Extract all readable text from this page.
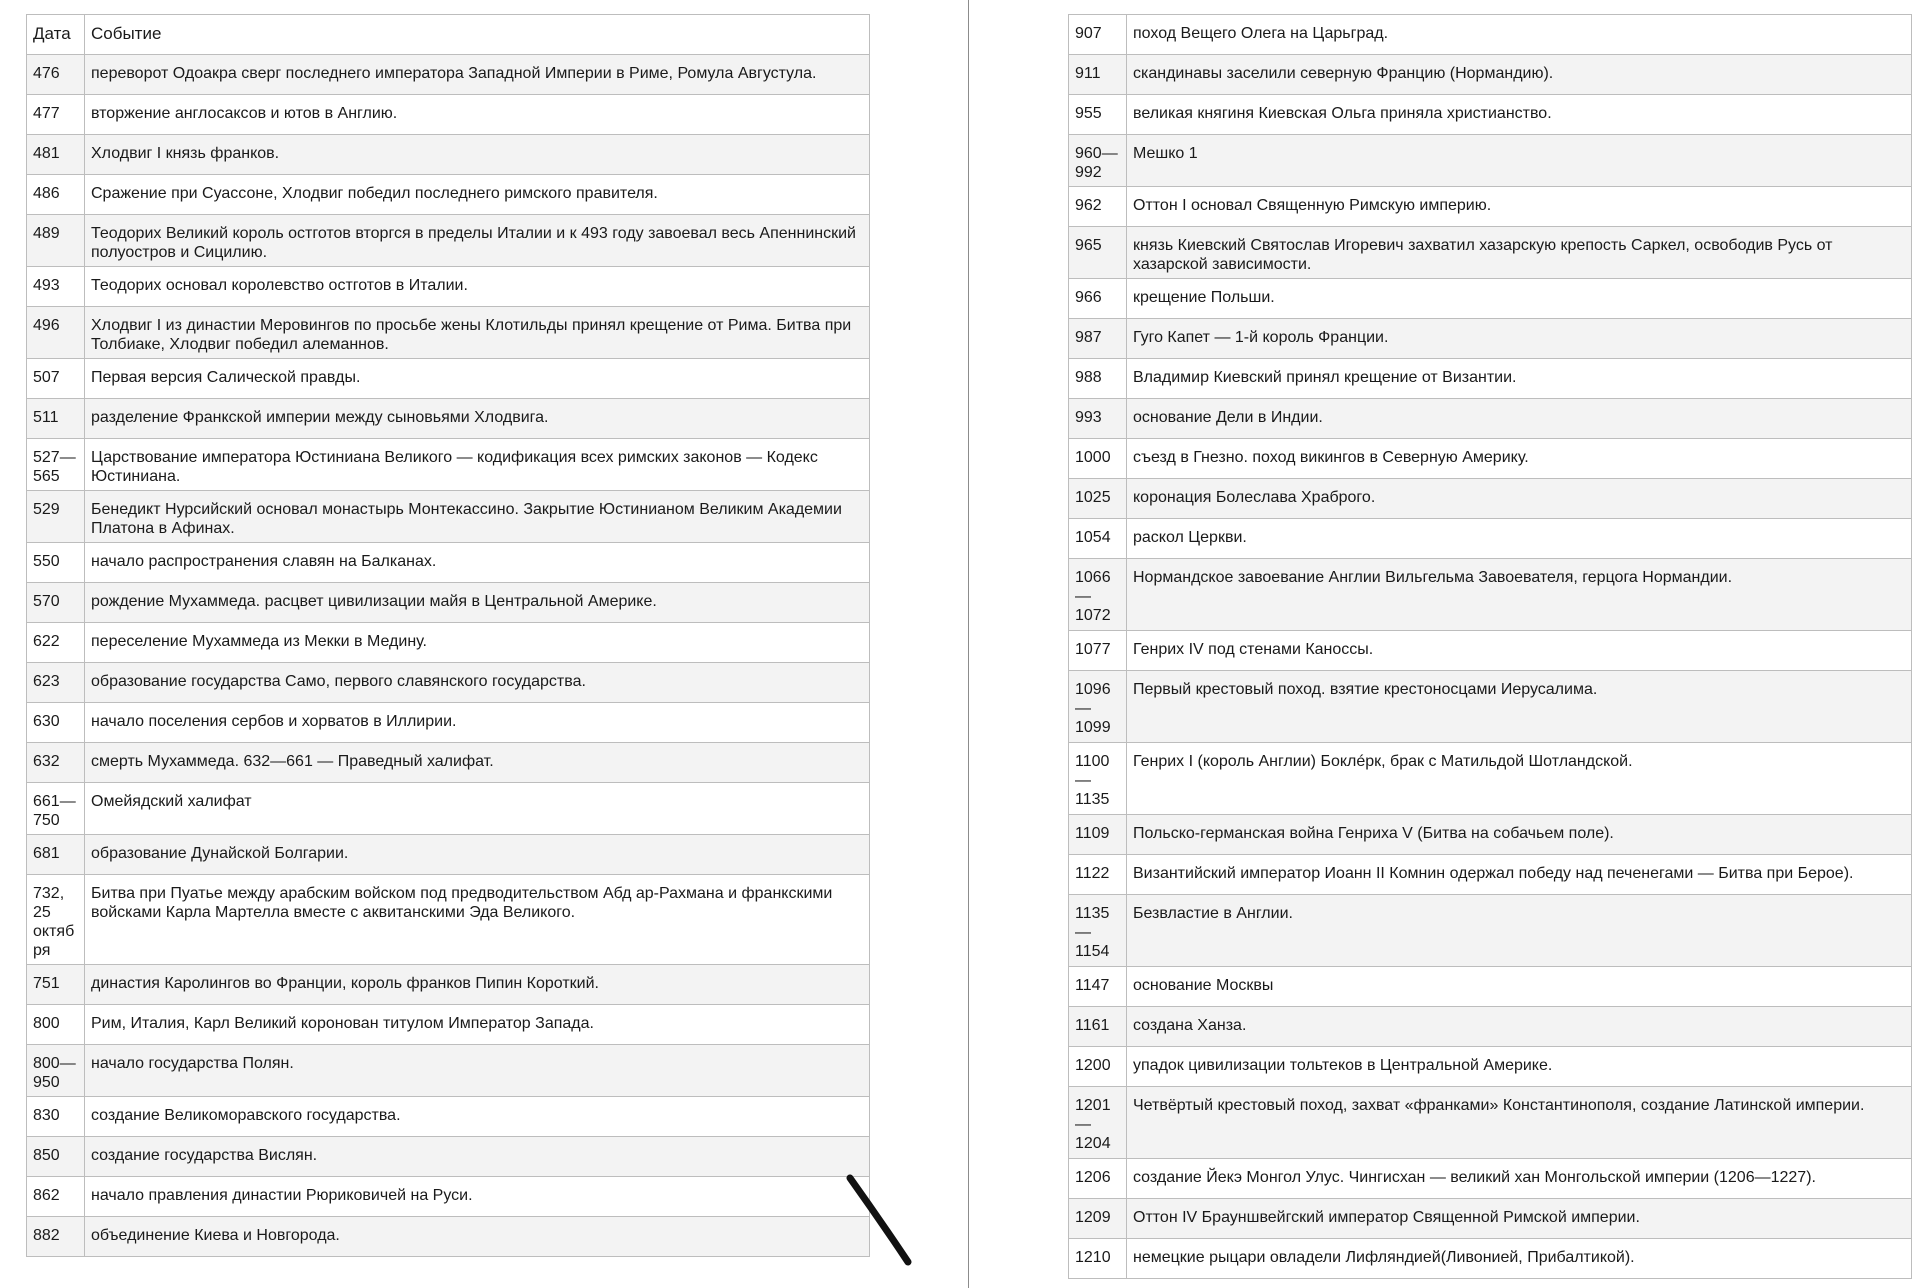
Дата	Событие
476	переворот Одоакра сверг последнего императора Западной Империи в Риме, Ромула Августула.
477	вторжение англосаксов и ютов в Англию.
481	Хлодвиг I князь франков.
486	Сражение при Суассоне, Хлодвиг победил последнего римского правителя.
489	Теодорих Великий король остготов вторгся в пределы Италии и к 493 году завоевал весь Апеннинский полуостров и Сицилию.
493	Теодорих основал королевство остготов в Италии.
496	Хлодвиг I из династии Меровингов по просьбе жены Клотильды принял крещение от Рима. Битва при Толбиаке, Хлодвиг победил алеманнов.
507	Первая версия Салической правды.
511	разделение Франкской империи между сыновьями Хлодвига.
527—565	Царствование императора Юстиниана Великого — кодификация всех римских законов — Кодекс Юстиниана.
529	Бенедикт Нурсийский основал монастырь Монтекассино. Закрытие Юстинианом Великим Академии Платона в Афинах.
550	начало распространения славян на Балканах.
570	рождение Мухаммеда. расцвет цивилизации майя в Центральной Америке.
622	переселение Мухаммеда из Мекки в Медину.
623	образование государства Само, первого славянского государства.
630	начало поселения сербов и хорватов в Иллирии.
632	смерть Мухаммеда. 632—661 — Праведный халифат.
661—750	Омейядский халифат
681	образование Дунайской Болгарии.
732, 25 октября	Битва при Пуатье между арабским войском под предводительством Абд ар-Рахмана и франкскими войсками Карла Мартелла вместе с аквитанскими Эда Великого.
751	династия Каролингов во Франции, король франков Пипин Короткий.
800	Рим, Италия, Карл Великий коронован титулом Император Запада.
800—950	начало государства Полян.
830	создание Великоморавского государства.
850	создание государства Вислян.
862	начало правления династии Рюриковичей на Руси.
882	объединение Киева и Новгорода.
907	поход Вещего Олега на Царьград.
911	скандинавы заселили северную Францию (Нормандию).
955	великая княгиня Киевская Ольга приняла христианство.
960—992	Мешко 1
962	Оттон I основал Священную Римскую империю.
965	князь Киевский Святослав Игоревич захватил хазарскую крепость Саркел, освободив Русь от хазарской зависимости.
966	крещение Польши.
987	Гуго Капет — 1-й король Франции.
988	Владимир Киевский принял крещение от Византии.
993	основание Дели в Индии.
1000	съезд в Гнезно. поход викингов в Северную Америку.
1025	коронация Болеслава Храброго.
1054	раскол Церкви.
1066 — 1072	Нормандское завоевание Англии Вильгельма Завоевателя, герцога Нормандии.
1077	Генрих IV под стенами Каноссы.
1096 — 1099	Первый крестовый поход. взятие крестоносцами Иерусалима.
1100 — 1135	Генрих I (король Англии) Боклéрк, брак с Матильдой Шотландской.
1109	Польско-германская война Генриха V (Битва на собачьем поле).
1122	Византийский император Иоанн II Комнин одержал победу над печенегами — Битва при Берое).
1135 — 1154	Безвластие в Англии.
1147	основание Москвы
1161	создана Ханза.
1200	упадок цивилизации тольтеков в Центральной Америке.
1201 — 1204	Четвёртый крестовый поход, захват «франками» Константинополя, создание Латинской империи.
1206	создание Йекэ Монгол Улус. Чингисхан — великий хан Монгольской империи (1206—1227).
1209	Оттон IV Брауншвейгский император Священной Римской империи.
1210	немецкие рыцари овладели Лифляндией(Ливонией, Прибалтикой).
